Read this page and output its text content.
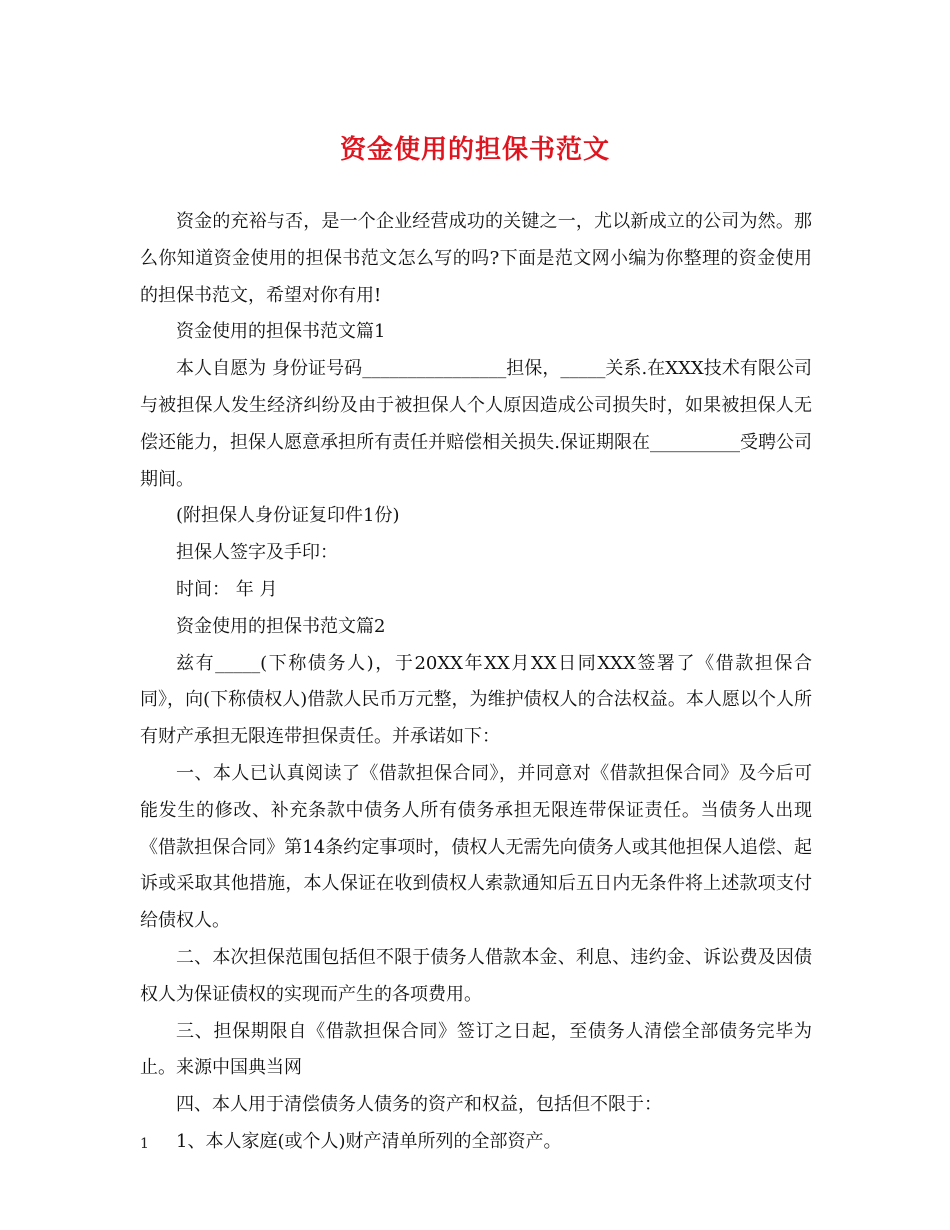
资金使用的担保书范文

资金的充裕与否，是一个企业经营成功的关键之一，尤以新成立的公司为然。那么你知道资金使用的担保书范文怎么写的吗?下面是范文网小编为你整理的资金使用的担保书范文，希望对你有用!

资金使用的担保书范文篇1

本人自愿为 身份证号码________________担保，_____关系.在XXX技术有限公司与被担保人发生经济纠纷及由于被担保人个人原因造成公司损失时，如果被担保人无偿还能力，担保人愿意承担所有责任并赔偿相关损失.保证期限在__________受聘公司期间。

(附担保人身份证复印件1份)

担保人签字及手印：

时间： 年 月

资金使用的担保书范文篇2

兹有_____(下称债务人)，于20XX年XX月XX日同XXX签署了《借款担保合同》，向(下称债权人)借款人民币万元整，为维护债权人的合法权益。本人愿以个人所有财产承担无限连带担保责任。并承诺如下：

一、本人已认真阅读了《借款担保合同》，并同意对《借款担保合同》及今后可能发生的修改、补充条款中债务人所有债务承担无限连带保证责任。当债务人出现《借款担保合同》第14条约定事项时，债权人无需先向债务人或其他担保人追偿、起诉或采取其他措施，本人保证在收到债权人索款通知后五日内无条件将上述款项支付给债权人。

二、本次担保范围包括但不限于债务人借款本金、利息、违约金、诉讼费及因债权人为保证债权的实现而产生的各项费用。

三、担保期限自《借款担保合同》签订之日起，至债务人清偿全部债务完毕为止。来源中国典当网

四、本人用于清偿债务人债务的资产和权益，包括但不限于：

1、本人家庭(或个人)财产清单所列的全部资产。

1
